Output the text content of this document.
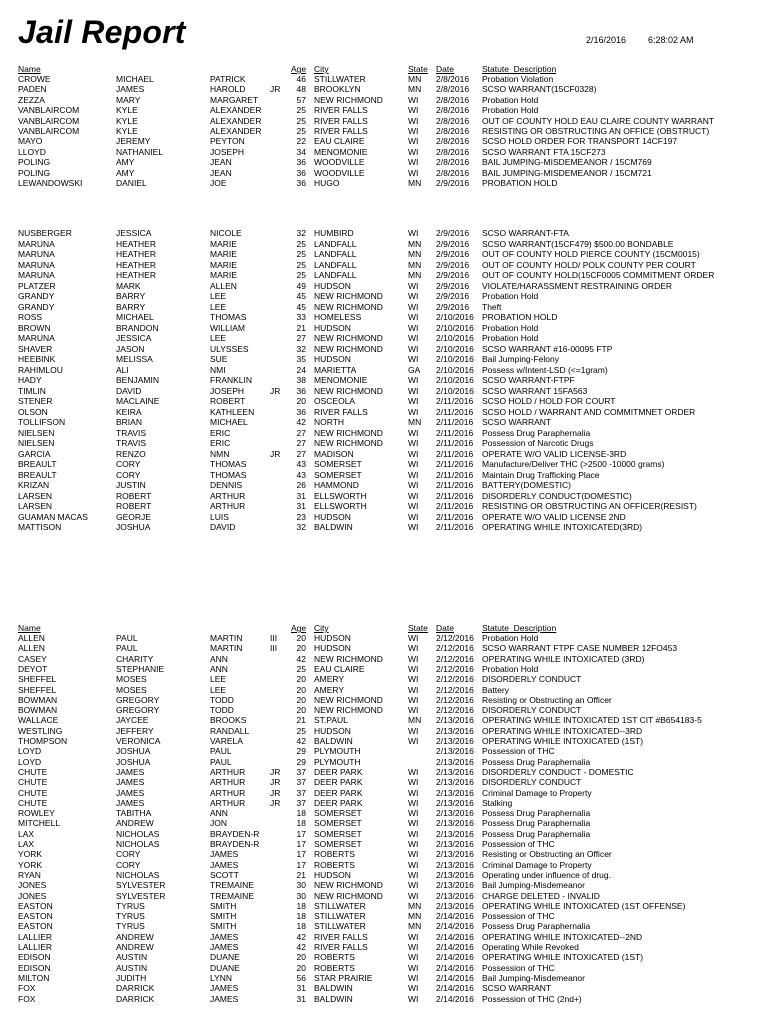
Jail Report	2/16/2016 6:28:02 AM
Name	Age City	State Date	Statute_Description
CROWE	MICHAEL	PATRICK	46 STILLWATER	MN	2/8/2016	Probation Violation
PADEN	JAMES	HAROLD	JR	48 BROOKLYN	MN	2/8/2016	SCSO WARRANT(15CF0328)
ZEZZA	MARY	MARGARET	57 NEW RICHMOND	WI	2/8/2016	Probation Hold
VANBLAIRCOM	KYLE	ALEXANDER	25 RIVER FALLS	WI	2/8/2016	Probation Hold
VANBLAIRCOM	KYLE	ALEXANDER	25 RIVER FALLS	WI	2/8/2016	OUT OF COUNTY HOLD EAU CLAIRE COUNTY WARRANT
VANBLAIRCOM	KYLE	ALEXANDER	25 RIVER FALLS	WI	2/8/2016	RESISTING OR OBSTRUCTING AN OFFICE (OBSTRUCT)
MAYO	JEREMY	PEYTON	22 EAU CLAIRE	WI	2/8/2016	SCSO HOLD ORDER FOR TRANSPORT 14CF197
LLOYD	NATHANIEL	JOSEPH	34 MENOMONIE	WI	2/8/2016	SCSO WARRANT FTA 15CF273
POLING	AMY	JEAN	36 WOODVILLE	WI	2/8/2016	BAIL JUMPING-MISDEMEANOR / 15CM769
POLING	AMY	JEAN	36 WOODVILLE	WI	2/8/2016	BAIL JUMPING-MISDEMEANOR / 15CM721
LEWANDOWSKI	DANIEL	JOE	36 HUGO	MN	2/9/2016	PROBATION HOLD
NUSBERGER	JESSICA	NICOLE	32 HUMBIRD	WI	2/9/2016	SCSO WARRANT-FTA
MARUNA	HEATHER	MARIE	25 LANDFALL	MN	2/9/2016	SCSO WARRANT(15CF479) $500.00 BONDABLE
MARUNA	HEATHER	MARIE	25 LANDFALL	MN	2/9/2016	OUT OF COUNTY HOLD PIERCE COUNTY (15CM0015)
MARUNA	HEATHER	MARIE	25 LANDFALL	MN	2/9/2016	OUT OF COUNTY HOLD/ POLK COUNTY PER COURT
MARUNA	HEATHER	MARIE	25 LANDFALL	MN	2/9/2016	OUT OF COUNTY HOLD(15CF0005 COMMITMENT ORDER
PLATZER	MARK	ALLEN	49 HUDSON	WI	2/9/2016	VIOLATE/HARASSMENT RESTRAINING ORDER
GRANDY	BARRY	LEE	45 NEW RICHMOND	WI	2/9/2016	Probation Hold
GRANDY	BARRY	LEE	45 NEW RICHMOND	WI	2/9/2016	Theft
ROSS	MICHAEL	THOMAS	33 HOMELESS	WI	2/10/2016 PROBATION HOLD
BROWN	BRANDON	WILLIAM	21 HUDSON	WI	2/10/2016 Probation Hold
MARUNA	JESSICA	LEE	27 NEW RICHMOND	WI	2/10/2016 Probation Hold
SHAVER	JASON	ULYSSES	32 NEW RICHMOND	WI	2/10/2016 SCSO WARRANT #16-00095 FTP
HEEBINK	MELISSA	SUE	35 HUDSON	WI	2/10/2016 Bail Jumping-Felony
RAHIMLOU	ALI	NMI	24 MARIETTA	GA	2/10/2016 Possess w/Intent-LSD (<=1gram)
HADY	BENJAMIN	FRANKLIN	38 MENOMONIE	WI	2/10/2016 SCSO WARRANT-FTPF
TIMLIN	DAVID	JOSEPH	JR	36 NEW RICHMOND	WI	2/10/2016 SCSO WARRANT 15FA563
STENER	MACLAINE	ROBERT	20 OSCEOLA	WI	2/11/2016	SCSO HOLD / HOLD FOR COURT
OLSON	KEIRA	KATHLEEN	36 RIVER FALLS	WI	2/11/2016	SCSO HOLD / WARRANT AND COMMITMNET ORDER
TOLLIFSON	BRIAN	MICHAEL	42 NORTH	MN	2/11/2016	SCSO WARRANT
NIELSEN	TRAVIS	ERIC	27 NEW RICHMOND	WI	2/11/2016	Possess Drug Paraphernalia
NIELSEN	TRAVIS	ERIC	27 NEW RICHMOND	WI	2/11/2016	Possession of Narcotic Drugs
GARCIA	RENZO	NMN	JR	27 MADISON	WI	2/11/2016	OPERATE W/O VALID LICENSE-3RD
BREAULT	CORY	THOMAS	43 SOMERSET	WI	2/11/2016	Manufacture/Deliver THC (>2500 -10000 grams)
BREAULT	CORY	THOMAS	43 SOMERSET	WI	2/11/2016	Maintain Drug Trafficking Place
KRIZAN	JUSTIN	DENNIS	26 HAMMOND	WI	2/11/2016	BATTERY(DOMESTIC)
LARSEN	ROBERT	ARTHUR	31 ELLSWORTH	WI	2/11/2016	DISORDERLY CONDUCT(DOMESTIC)
LARSEN	ROBERT	ARTHUR	31 ELLSWORTH	WI	2/11/2016	RESISTING OR OBSTRUCTING AN OFFICER(RESIST)
GUAMAN MACAS	GEORJE	LUIS	23 HUDSON	WI	2/11/2016	OPERATE W/O VALID LICENSE 2ND
MATTISON	JOSHUA	DAVID	32 BALDWIN	WI	2/11/2016	OPERATING WHILE INTOXICATED(3RD)
Name	Age City	State Date	Statute_Description
ALLEN	PAUL	MARTIN	III	20 HUDSON	WI	2/12/2016 Probation Hold
ALLEN	PAUL	MARTIN	III	20 HUDSON	WI	2/12/2016 SCSO WARRANT FTPF CASE NUMBER 12FO453
CASEY	CHARITY	ANN	42 NEW RICHMOND	WI	2/12/2016 OPERATING WHILE INTOXICATED (3RD)
DEYOT	STEPHANIE	ANN	25 EAU CLAIRE	WI	2/12/2016 Probation Hold
SHEFFEL	MOSES	LEE	20 AMERY	WI	2/12/2016 DISORDERLY CONDUCT
SHEFFEL	MOSES	LEE	20 AMERY	WI	2/12/2016 Battery
BOWMAN	GREGORY	TODD	20 NEW RICHMOND	WI	2/12/2016 Resisting or Obstructing an Officer
BOWMAN	GREGORY	TODD	20 NEW RICHMOND	WI	2/12/2016 DISORDERLY CONDUCT
WALLACE	JAYCEE	BROOKS	21 ST.PAUL	MN	2/13/2016 OPERATING WHILE INTOXICATED 1ST CIT #B654183-5
WESTLING	JEFFERY	RANDALL	25 HUDSON	WI	2/13/2016 OPERATING WHILE INTOXICATED--3RD
THOMPSON	VERONICA	VARELA	42 BALDWIN	WI	2/13/2016 OPERATING WHILE INTOXICATED (1ST)
LOYD	JOSHUA	PAUL	29 PLYMOUTH	2/13/2016 Possession of THC
LOYD	JOSHUA	PAUL	29 PLYMOUTH	2/13/2016 Possess Drug Paraphernalia
CHUTE	JAMES	ARTHUR	JR	37 DEER PARK	WI	2/13/2016 DISORDERLY CONDUCT - DOMESTIC
CHUTE	JAMES	ARTHUR	JR	37 DEER PARK	WI	2/13/2016 DISORDERLY CONDUCT
CHUTE	JAMES	ARTHUR	JR	37 DEER PARK	WI	2/13/2016 Criminal Damage to Property
CHUTE	JAMES	ARTHUR	JR	37 DEER PARK	WI	2/13/2016 Stalking
ROWLEY	TABITHA	ANN	18 SOMERSET	WI	2/13/2016 Possess Drug Paraphernalia
MITCHELL	ANDREW	JON	18 SOMERSET	WI	2/13/2016 Possess Drug Paraphernalia
LAX	NICHOLAS	BRAYDEN-R	17 SOMERSET	WI	2/13/2016 Possess Drug Paraphernalia
LAX	NICHOLAS	BRAYDEN-R	17 SOMERSET	WI	2/13/2016 Possession of THC
YORK	CORY	JAMES	17 ROBERTS	WI	2/13/2016 Resisting or Obstructing an Officer
YORK	CORY	JAMES	17 ROBERTS	WI	2/13/2016 Criminal Damage to Property
RYAN	NICHOLAS	SCOTT	21 HUDSON	WI	2/13/2016 Operating under influence of drug.
JONES	SYLVESTER	TREMAINE	30 NEW RICHMOND	WI	2/13/2016 Bail Jumping-Misdemeanor
JONES	SYLVESTER	TREMAINE	30 NEW RICHMOND	WI	2/13/2016 CHARGE DELETED - INVALID
EASTON	TYRUS	SMITH	18 STILLWATER	MN	2/13/2016 OPERATING WHILE INTOXICATED (1ST OFFENSE)
EASTON	TYRUS	SMITH	18 STILLWATER	MN	2/14/2016 Possession of THC
EASTON	TYRUS	SMITH	18 STILLWATER	MN	2/14/2016 Possess Drug Paraphernalia
LALLIER	ANDREW	JAMES	42 RIVER FALLS	WI	2/14/2016 OPERATING WHILE INTOXICATED--2ND
LALLIER	ANDREW	JAMES	42 RIVER FALLS	WI	2/14/2016 Operating While Revoked
EDISON	AUSTIN	DUANE	20 ROBERTS	WI	2/14/2016 OPERATING WHILE INTOXICATED (1ST)
EDISON	AUSTIN	DUANE	20 ROBERTS	WI	2/14/2016 Possession of THC
MILTON	JUDITH	LYNN	56 STAR PRAIRIE	WI	2/14/2016 Bail Jumping-Misdemeanor
FOX	DARRICK	JAMES	31 BALDWIN	WI	2/14/2016 SCSO WARRANT
FOX	DARRICK	JAMES	31 BALDWIN	WI	2/14/2016 Possession of THC (2nd+)
